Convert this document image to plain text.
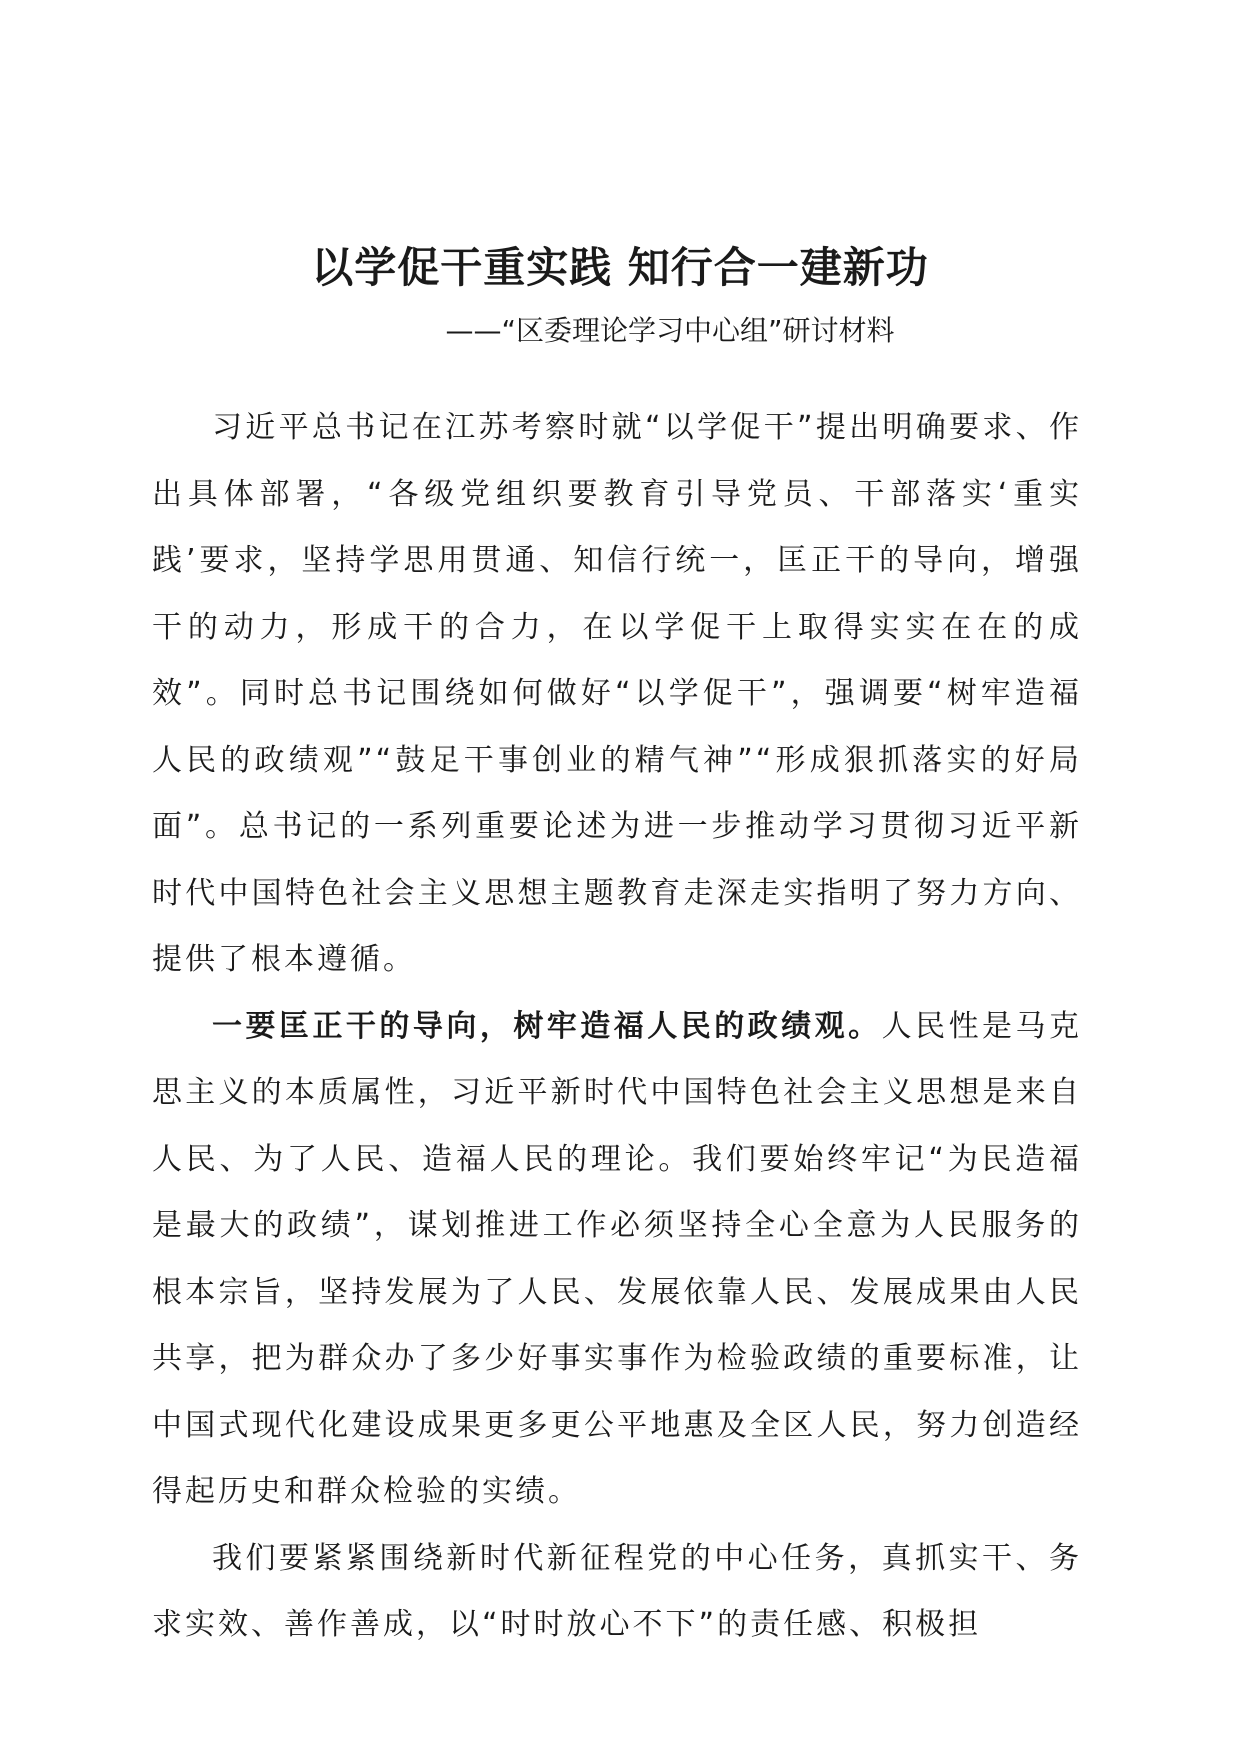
以学促干重实践 知行合一建新功
——“区委理论学习中心组”研讨材料

习近平总书记在江苏考察时就“以学促干”提出明确要求、作出具体部署，“各级党组织要教育引导党员、干部落实‘重实践’要求，坚持学思用贯通、知信行统一，匡正干的导向，增强干的动力，形成干的合力，在以学促干上取得实实在在的成效”。同时总书记围绕如何做好“以学促干”，强调要“树牢造福人民的政绩观”“鼓足干事创业的精气神”“形成狠抓落实的好局面”。总书记的一系列重要论述为进一步推动学习贯彻习近平新时代中国特色社会主义思想主题教育走深走实指明了努力方向、提供了根本遵循。

一要匡正干的导向，树牢造福人民的政绩观。人民性是马克思主义的本质属性，习近平新时代中国特色社会主义思想是来自人民、为了人民、造福人民的理论。我们要始终牢记“为民造福是最大的政绩”，谋划推进工作必须坚持全心全意为人民服务的根本宗旨，坚持发展为了人民、发展依靠人民、发展成果由人民共享，把为群众办了多少好事实事作为检验政绩的重要标准，让中国式现代化建设成果更多更公平地惠及全区人民，努力创造经得起历史和群众检验的实绩。

我们要紧紧围绕新时代新征程党的中心任务，真抓实干、务求实效、善作善成，以“时时放心不下”的责任感、积极担
